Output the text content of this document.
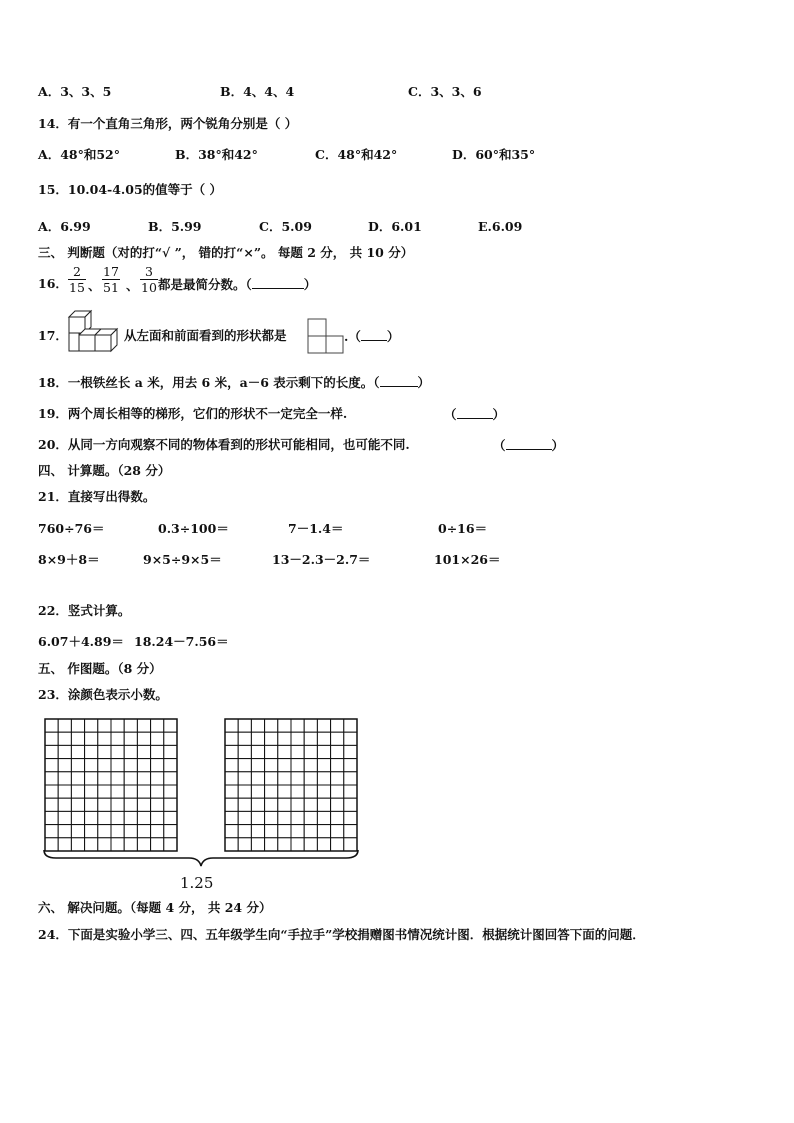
A．3、3、5	B．4、4、4	C．3、3、6
14．有一个直角三角形，两个锐角分别是（ ）
A．48°和52°	B．38°和42°	C．48°和42°	D．60°和35°
15．10.04-4.05的值等于（ ）
A．6.99	B．5.99	C．5.09	D．6.01	E.6.09
三、 判断题（对的打“√ ”， 错的打“×”。 每题 2 分， 共 10 分）
16．
2
15 、
17
51 、
3
10 都是最简分数。（	）
17．	从左面和前面看到的形状都是	.（ ）
18．一根铁丝长 a 米，用去 6 米，a－6 表示剩下的长度。（	）
19．两个周长相等的梯形，它们的形状不一定完全一样.	（	）
20．从同一方向观察不同的物体看到的形状可能相同，也可能不同.	（	）
四、 计算题。（28 分）
21．直接写出得数。
760÷76＝	0.3÷100＝	7－1.4＝	0÷16＝
8×9＋8＝	9×5÷9×5＝	13－2.3－2.7＝	101×26＝
22．竖式计算。
6.07＋4.89＝ 18.24－7.56＝
五、 作图题。（8 分）
23．涂颜色表示小数。
1.25
六、 解决问题。（每题 4 分， 共 24 分）
24．下面是实验小学三、四、五年级学生向“手拉手”学校捐赠图书情况统计图．根据统计图回答下面的问题．
